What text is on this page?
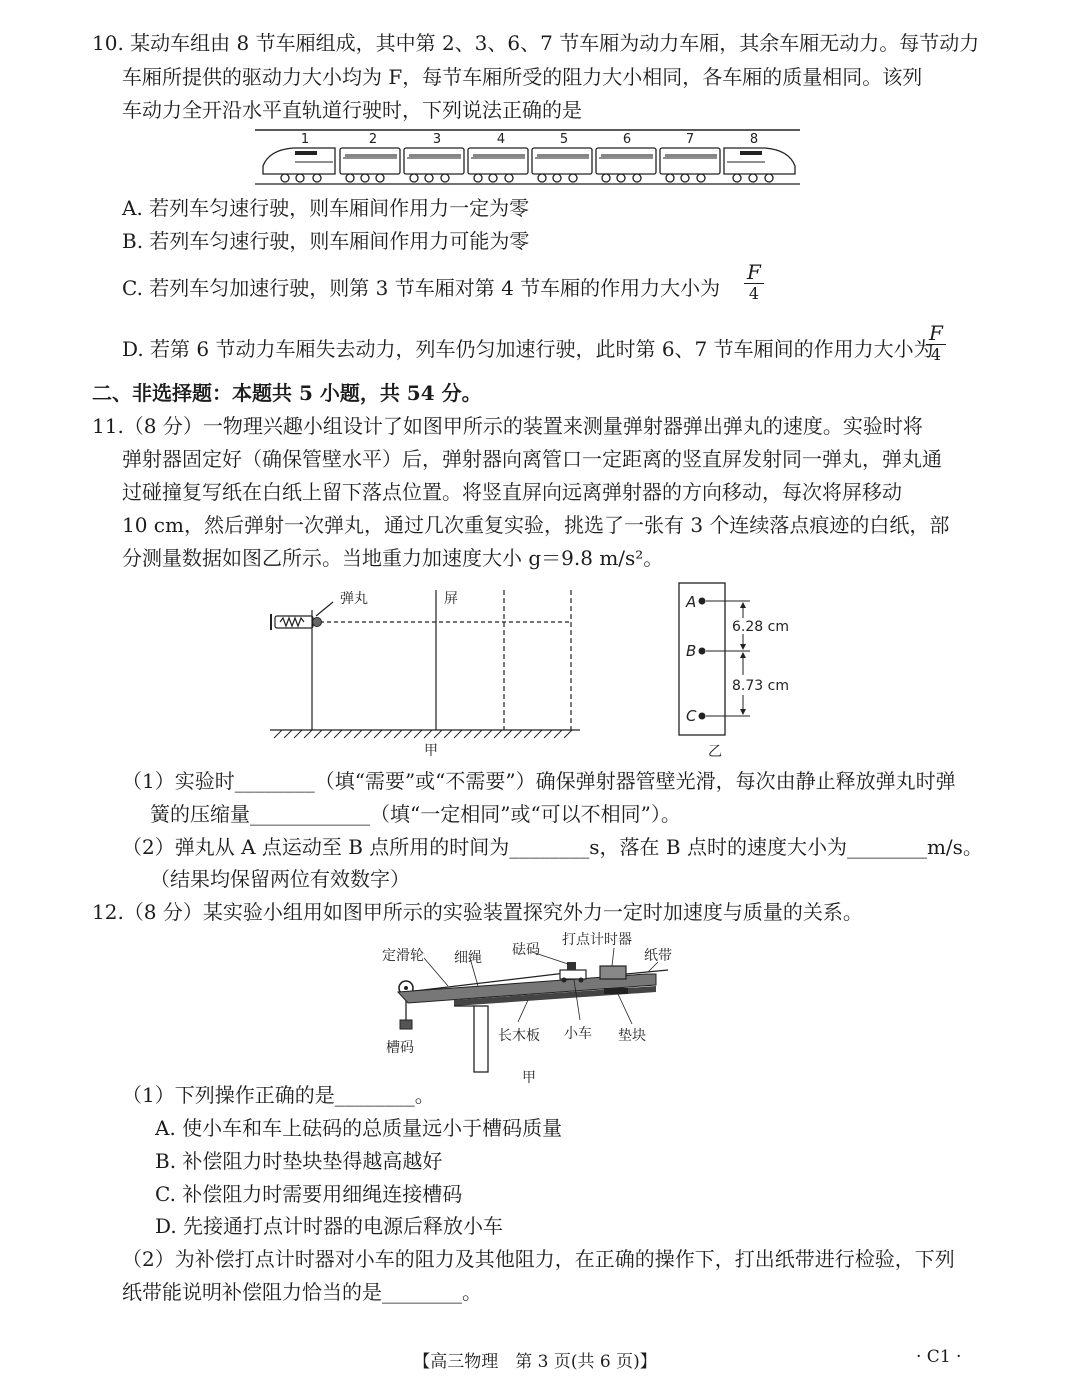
10. 某动车组由 8 节车厢组成，其中第 2、3、6、7 节车厢为动力车厢，其余车厢无动力。每节动力
车厢所提供的驱动力大小均为 F，每节车厢所受的阻力大小相同，各车厢的质量相同。该列
车动力全开沿水平直轨道行驶时，下列说法正确的是
1	2	3	4	5	6	7	8
A. 若列车匀速行驶，则车厢间作用力一定为零
B. 若列车匀速行驶，则车厢间作用力可能为零
C. 若列车匀加速行驶，则第 3 节车厢对第 4 节车厢的作用力大小为
F
4
D. 若第 6 节动力车厢失去动力，列车仍匀加速行驶，此时第 6、7 节车厢间的作用力大小为
F
4
二、非选择题：本题共 5 小题，共 54 分。
11.（8 分）一物理兴趣小组设计了如图甲所示的装置来测量弹射器弹出弹丸的速度。实验时将
弹射器固定好（确保管壁水平）后，弹射器向离管口一定距离的竖直屏发射同一弹丸，弹丸通
过碰撞复写纸在白纸上留下落点位置。将竖直屏向远离弹射器的方向移动，每次将屏移动
10 cm，然后弹射一次弹丸，通过几次重复实验，挑选了一张有 3 个连续落点痕迹的白纸，部
分测量数据如图乙所示。当地重力加速度大小 g＝9.8 m/s²。
弹丸	屏
甲
A
B
C
6.28 cm
8.73 cm
乙
（1）实验时________（填“需要”或“不需要”）确保弹射器管壁光滑，每次由静止释放弹丸时弹
簧的压缩量____________（填“一定相同”或“可以不相同”）。
（2）弹丸从 A 点运动至 B 点所用的时间为________s，落在 B 点时的速度大小为________m/s。
（结果均保留两位有效数字）
12.（8 分）某实验小组用如图甲所示的实验装置探究外力一定时加速度与质量的关系。
定滑轮 细绳 砝码
打点计时器
纸带
槽码
长木板 小车 垫块
甲
（1）下列操作正确的是________。
A. 使小车和车上砝码的总质量远小于槽码质量
B. 补偿阻力时垫块垫得越高越好
C. 补偿阻力时需要用细绳连接槽码
D. 先接通打点计时器的电源后释放小车
（2）为补偿打点计时器对小车的阻力及其他阻力，在正确的操作下，打出纸带进行检验，下列
纸带能说明补偿阻力恰当的是________。
【高三物理　第 3 页(共 6 页)】	· C1 ·
